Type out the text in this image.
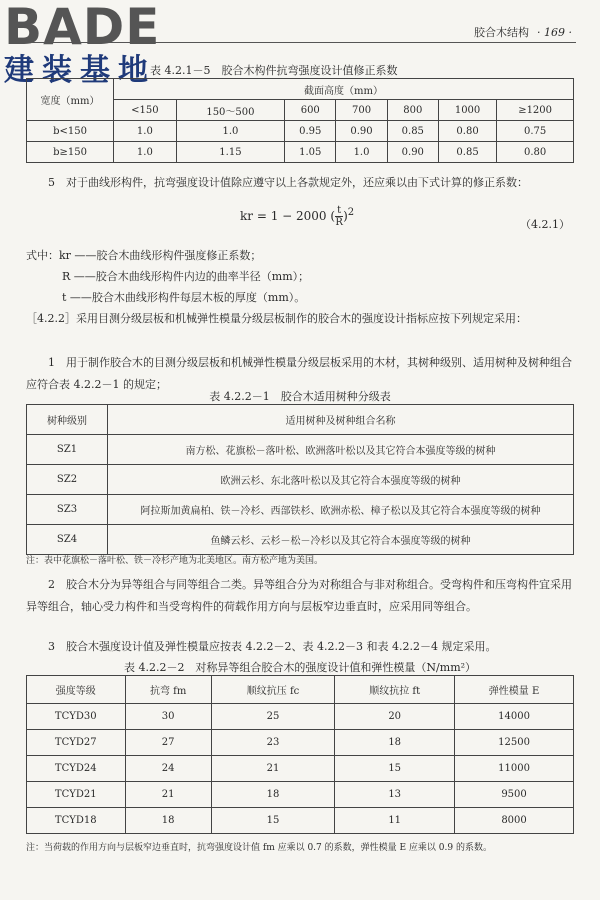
BADE
建装基地
胶合木结构 · 169 ·
表 4.2.1－5　胶合木构件抗弯强度设计值修正系数
宽度（mm）	截面高度（mm）						
	<150	150～500	600	700	800	1000	≥1200
b<150	1.0	1.0	0.95	0.90	0.85	0.80	0.75
b≥150	1.0	1.15	1.05	1.0	0.90	0.85	0.80
5　对于曲线形构件，抗弯强度设计值除应遵守以上各款规定外，还应乘以由下式计算的修正系数：
kr = 1 − 2000 ( $\frac{t}{R} )^2$
（4.2.1）
式中：kr ——胶合木曲线形构件强度修正系数；
R ——胶合木曲线形构件内边的曲率半径（mm）；
t ——胶合木曲线形构件每层木板的厚度（mm）。
［4.2.2］采用目测分级层板和机械弹性模量分级层板制作的胶合木的强度设计指标应按下列规定采用：
1　用于制作胶合木的目测分级层板和机械弹性模量分级层板采用的木材，其树种级别、适用树种及树种组合应符合表 4.2.2－1 的规定；
表 4.2.2－1　胶合木适用树种分级表
树种级别	适用树种及树种组合名称
SZ1	南方松、花旗松－落叶松、欧洲落叶松以及其它符合本强度等级的树种
SZ2	欧洲云杉、东北落叶松以及其它符合本强度等级的树种
SZ3	阿拉斯加黄扁柏、铁－冷杉、西部铁杉、欧洲赤松、樟子松以及其它符合本强度等级的树种
SZ4	鱼鳞云杉、云杉－松－冷杉以及其它符合本强度等级的树种
注：表中花旗松－落叶松、铁－冷杉产地为北美地区。南方松产地为美国。
2　胶合木分为异等组合与同等组合二类。异等组合分为对称组合与非对称组合。受弯构件和压弯构件宜采用异等组合，轴心受力构件和当受弯构件的荷载作用方向与层板窄边垂直时，应采用同等组合。
3　胶合木强度设计值及弹性模量应按表 4.2.2－2、表 4.2.2－3 和表 4.2.2－4 规定采用。
表 4.2.2－2　对称异等组合胶合木的强度设计值和弹性模量（N/mm²）
强度等级	抗弯 fm	顺纹抗压 fc	顺纹抗拉 ft	弹性模量 E
TCYD30	30	25	20	14000
TCYD27	27	23	18	12500
TCYD24	24	21	15	11000
TCYD21	21	18	13	9500
TCYD18	18	15	11	8000
注：当荷载的作用方向与层板窄边垂直时，抗弯强度设计值 fm 应乘以 0.7 的系数，弹性模量 E 应乘以 0.9 的系数。
